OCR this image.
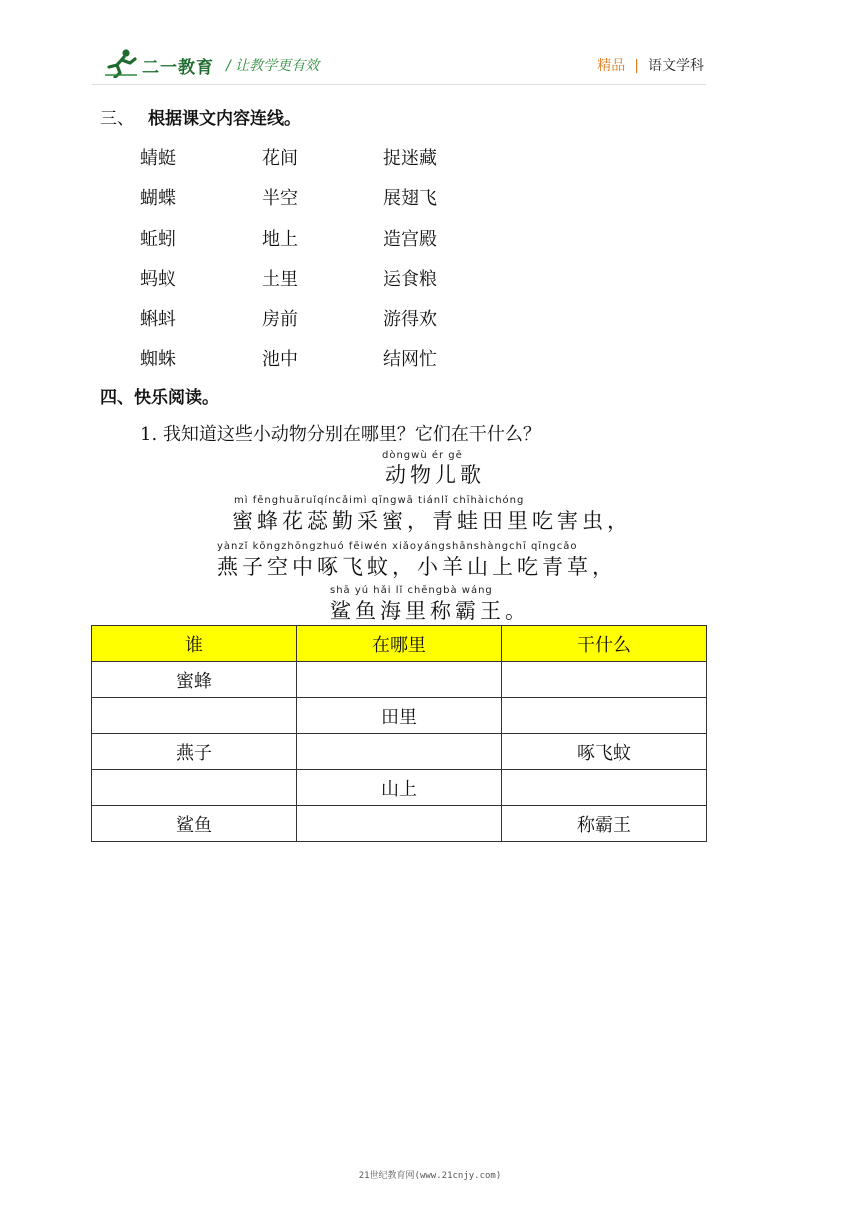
二一教育 / 让教学更有效	精品 | 语文学科
三、 根据课文内容连线。
蜻蜓	花间	捉迷藏
蝴蝶	半空	展翅飞
蚯蚓	地上	造宫殿
蚂蚁	土里	运食粮
蝌蚪	房前	游得欢
蜘蛛	池中	结网忙
四、快乐阅读。
1. 我知道这些小动物分别在哪里？它们在干什么？
dòngwù ér gē
动物儿歌
mì fēnghuāruǐqíncǎimì qīngwā tiánlǐ chīhàichóng
蜜蜂花蕊勤采蜜，青蛙田里吃害虫，
yànzǐ kōngzhōngzhuó fēiwén xiǎoyángshānshàngchī qīngcǎo
燕子空中啄飞蚊，小羊山上吃青草，
shā yú hǎi lǐ chēngbà wáng
鲨鱼海里称霸王。
谁	在哪里	干什么
蜜蜂		
	田里	
燕子		啄飞蚊
	山上	
鲨鱼		称霸王
21世纪教育网(www.21cnjy.com)
